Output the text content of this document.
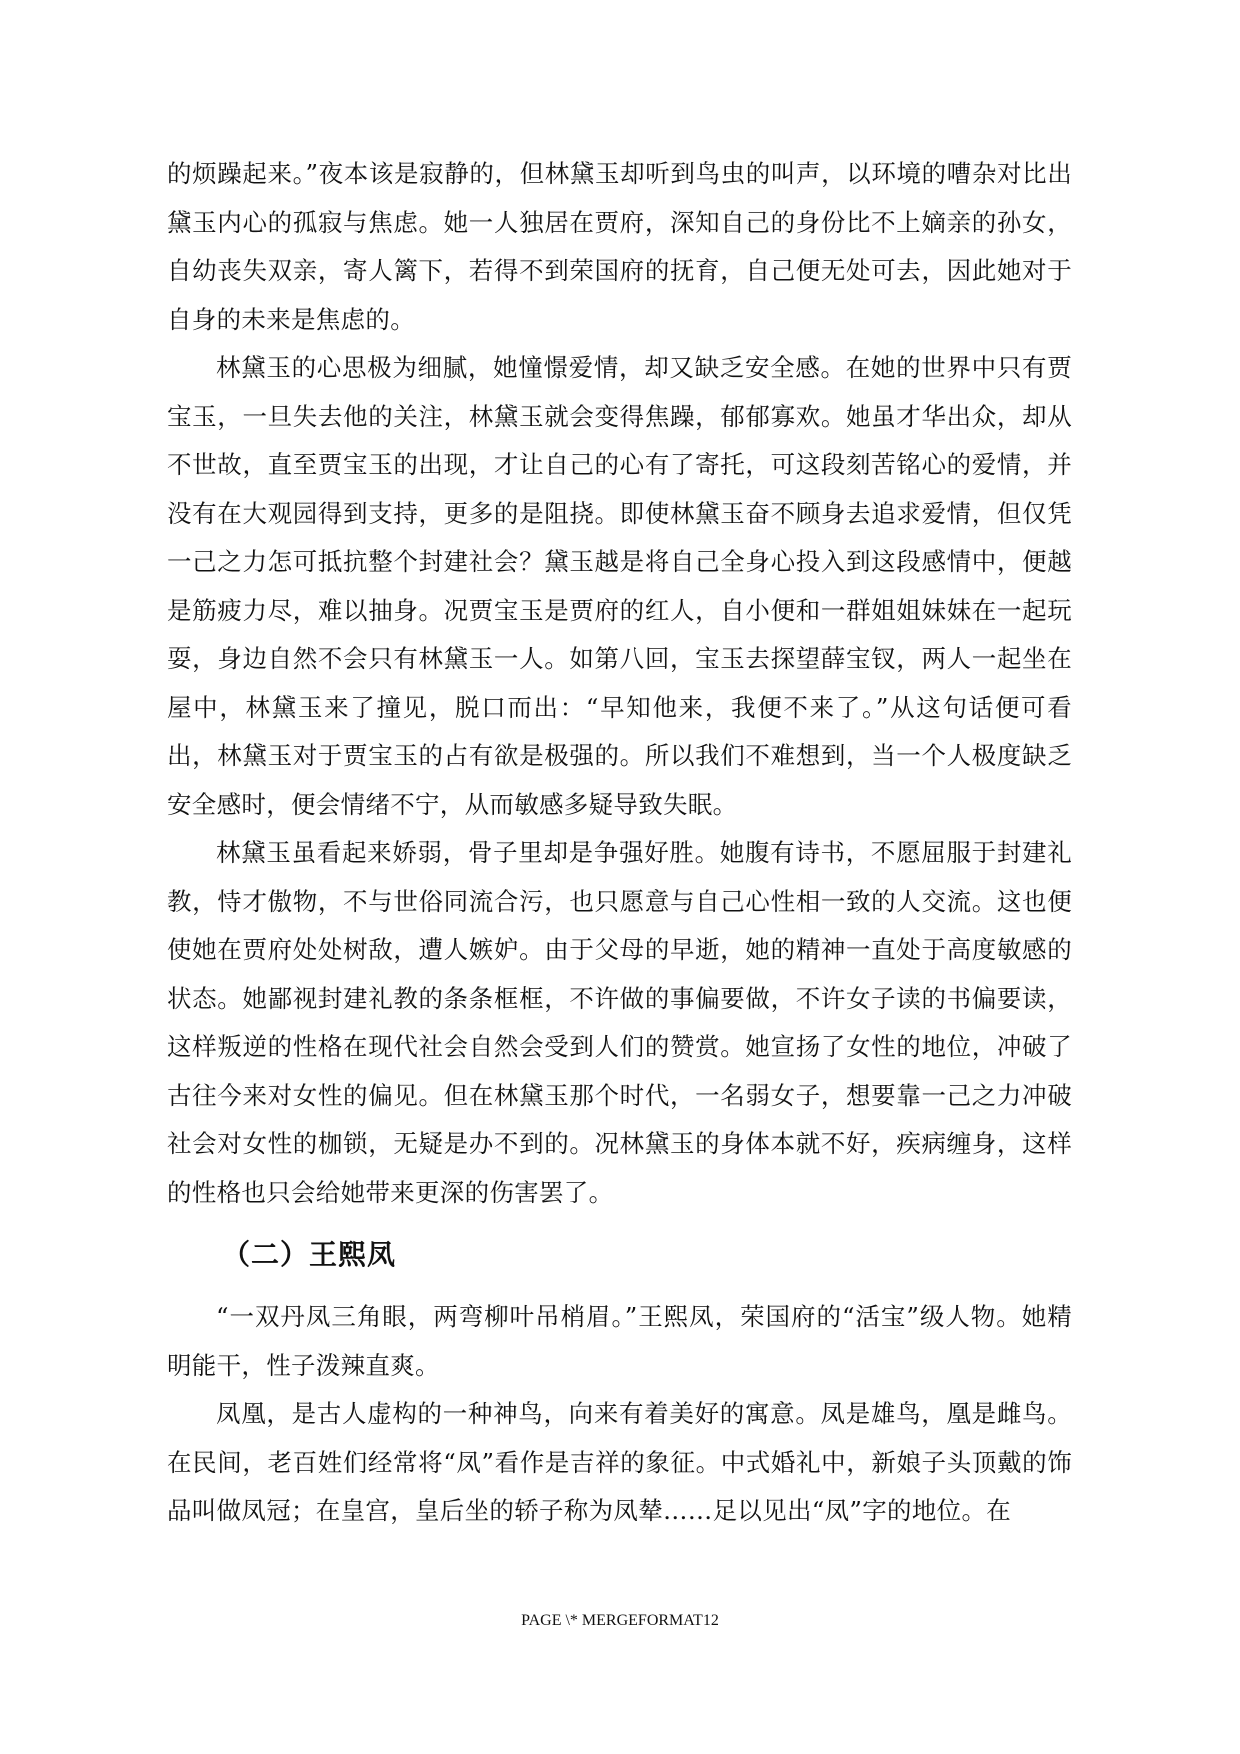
的烦躁起来。”夜本该是寂静的，但林黛玉却听到鸟虫的叫声，以环境的嘈杂对比出黛玉内心的孤寂与焦虑。她一人独居在贾府，深知自己的身份比不上嫡亲的孙女，自幼丧失双亲，寄人篱下，若得不到荣国府的抚育，自己便无处可去，因此她对于自身的未来是焦虑的。

林黛玉的心思极为细腻，她憧憬爱情，却又缺乏安全感。在她的世界中只有贾宝玉，一旦失去他的关注，林黛玉就会变得焦躁，郁郁寡欢。她虽才华出众，却从不世故，直至贾宝玉的出现，才让自己的心有了寄托，可这段刻苦铭心的爱情，并没有在大观园得到支持，更多的是阻挠。即使林黛玉奋不顾身去追求爱情，但仅凭一己之力怎可抵抗整个封建社会？黛玉越是将自己全身心投入到这段感情中，便越是筋疲力尽，难以抽身。况贾宝玉是贾府的红人，自小便和一群姐姐妹妹在一起玩耍，身边自然不会只有林黛玉一人。如第八回，宝玉去探望薛宝钗，两人一起坐在屋中，林黛玉来了撞见，脱口而出：“早知他来，我便不来了。”从这句话便可看出，林黛玉对于贾宝玉的占有欲是极强的。所以我们不难想到，当一个人极度缺乏安全感时，便会情绪不宁，从而敏感多疑导致失眠。

林黛玉虽看起来娇弱，骨子里却是争强好胜。她腹有诗书，不愿屈服于封建礼教，恃才傲物，不与世俗同流合污，也只愿意与自己心性相一致的人交流。这也便使她在贾府处处树敌，遭人嫉妒。由于父母的早逝，她的精神一直处于高度敏感的状态。她鄙视封建礼教的条条框框，不许做的事偏要做，不许女子读的书偏要读，这样叛逆的性格在现代社会自然会受到人们的赞赏。她宣扬了女性的地位，冲破了古往今来对女性的偏见。但在林黛玉那个时代，一名弱女子，想要靠一己之力冲破社会对女性的枷锁，无疑是办不到的。况林黛玉的身体本就不好，疾病缠身，这样的性格也只会给她带来更深的伤害罢了。

（二）王熙凤

“一双丹凤三角眼，两弯柳叶吊梢眉。”王熙凤，荣国府的“活宝”级人物。她精明能干，性子泼辣直爽。

凤凰，是古人虚构的一种神鸟，向来有着美好的寓意。凤是雄鸟，凰是雌鸟。在民间，老百姓们经常将“凤”看作是吉祥的象征。中式婚礼中，新娘子头顶戴的饰品叫做凤冠；在皇宫，皇后坐的轿子称为凤辇……足以见出“凤”字的地位。在

PAGE \* MERGEFORMAT12
